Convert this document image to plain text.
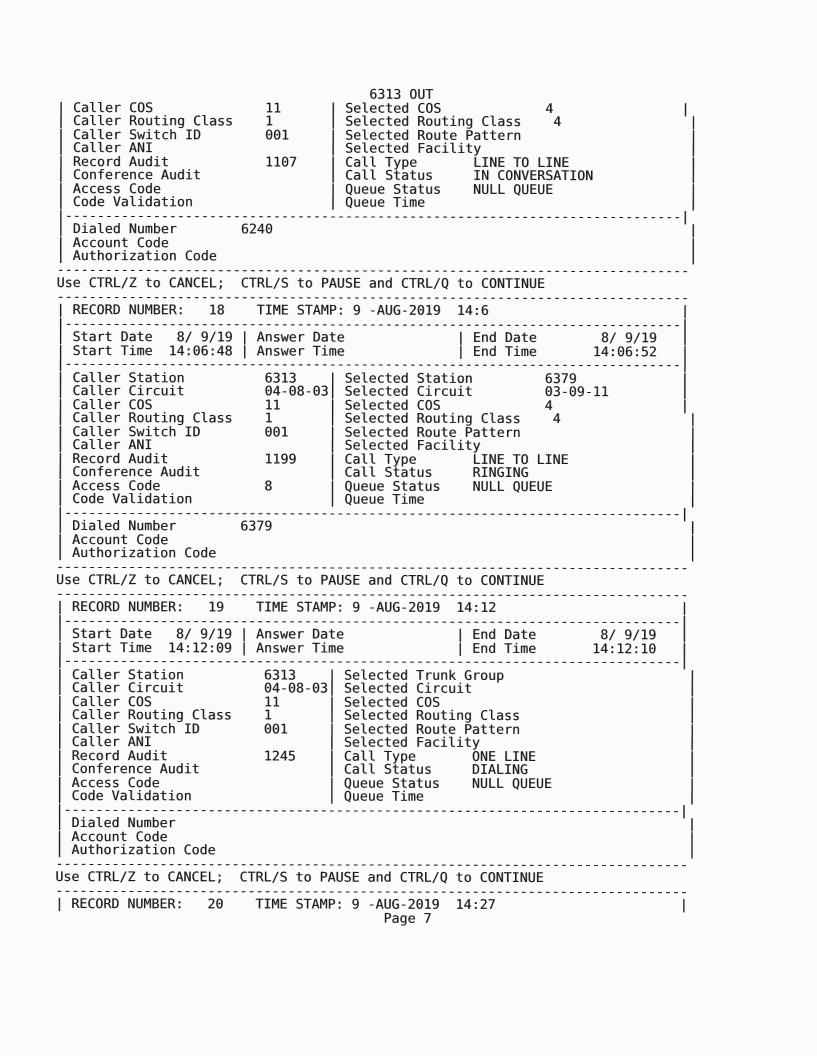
6313 OUT
| Caller COS              11      | Selected COS             4                |
| Caller Routing Class    1       | Selected Routing Class    4                |
| Caller Switch ID        001     | Selected Route Pattern                     |
| Caller ANI                      | Selected Facility                          |
| Record Audit            1107    | Call Type       LINE TO LINE               |
| Conference Audit                | Call Status     IN CONVERSATION            |
| Access Code                     | Queue Status    NULL QUEUE                 |
| Code Validation                 | Queue Time                                 |
|-----------------------------------------------------------------------------|
| Dialed Number        6240                                                    |
| Account Code                                                                 |
| Authorization Code                                                           |
-------------------------------------------------------------------------------
Use CTRL/Z to CANCEL;  CTRL/S to PAUSE and CTRL/Q to CONTINUE

-------------------------------------------------------------------------------
| RECORD NUMBER:   18    TIME STAMP: 9 -AUG-2019  14:6                        |
|-----------------------------------------------------------------------------|
| Start Date   8/ 9/19 | Answer Date              | End Date        8/ 9/19   |
| Start Time  14:06:48 | Answer Time              | End Time       14:06:52   |
|-----------------------------------------------------------------------------|
| Caller Station          6313    | Selected Station         6379             |
| Caller Circuit          04-08-03| Selected Circuit         03-09-11         |
| Caller COS              11      | Selected COS             4                |
| Caller Routing Class    1       | Selected Routing Class    4                |
| Caller Switch ID        001     | Selected Route Pattern                     |
| Caller ANI                      | Selected Facility                          |
| Record Audit            1199    | Call Type       LINE TO LINE               |
| Conference Audit                | Call Status     RINGING                    |
| Access Code             8       | Queue Status    NULL QUEUE                 |
| Code Validation                 | Queue Time                                 |
|-----------------------------------------------------------------------------|
| Dialed Number        6379                                                    |
| Account Code                                                                 |
| Authorization Code                                                           |
-------------------------------------------------------------------------------
Use CTRL/Z to CANCEL;  CTRL/S to PAUSE and CTRL/Q to CONTINUE

-------------------------------------------------------------------------------
| RECORD NUMBER:   19    TIME STAMP: 9 -AUG-2019  14:12                       |
|-----------------------------------------------------------------------------|
| Start Date   8/ 9/19 | Answer Date              | End Date        8/ 9/19   |
| Start Time  14:12:09 | Answer Time              | End Time       14:12:10   |
|-----------------------------------------------------------------------------|
| Caller Station          6313    | Selected Trunk Group                       |
| Caller Circuit          04-08-03| Selected Circuit                           |
| Caller COS              11      | Selected COS                               |
| Caller Routing Class    1       | Selected Routing Class                     |
| Caller Switch ID        001     | Selected Route Pattern                     |
| Caller ANI                      | Selected Facility                          |
| Record Audit            1245    | Call Type       ONE LINE                   |
| Conference Audit                | Call Status     DIALING                    |
| Access Code                     | Queue Status    NULL QUEUE                 |
| Code Validation                 | Queue Time                                 |
|-----------------------------------------------------------------------------|
| Dialed Number                                                                |
| Account Code                                                                 |
| Authorization Code                                                           |
-------------------------------------------------------------------------------
Use CTRL/Z to CANCEL;  CTRL/S to PAUSE and CTRL/Q to CONTINUE

-------------------------------------------------------------------------------
| RECORD NUMBER:   20    TIME STAMP: 9 -AUG-2019  14:27                       |
Page 7
